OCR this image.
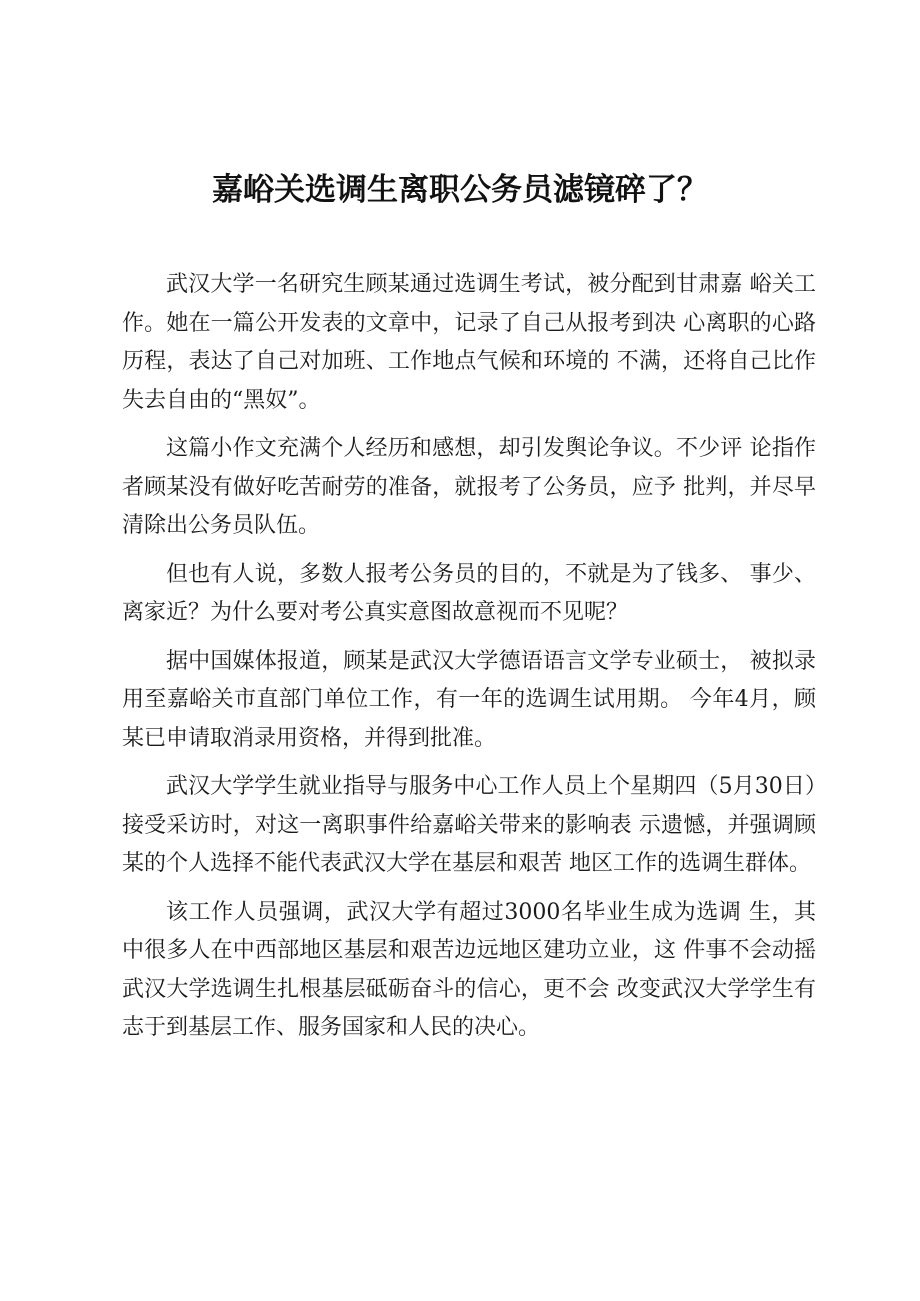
嘉峪关选调生离职公务员滤镜碎了？

武汉大学一名研究生顾某通过选调生考试，被分配到甘肃嘉 峪关工作。她在一篇公开发表的文章中，记录了自己从报考到决 心离职的心路历程，表达了自己对加班、工作地点气候和环境的 不满，还将自己比作失去自由的“黑奴”。

这篇小作文充满个人经历和感想，却引发舆论争议。不少评 论指作者顾某没有做好吃苦耐劳的准备，就报考了公务员，应予 批判，并尽早清除出公务员队伍。

但也有人说，多数人报考公务员的目的，不就是为了钱多、 事少、离家近？为什么要对考公真实意图故意视而不见呢？

据中国媒体报道，顾某是武汉大学德语语言文学专业硕士， 被拟录用至嘉峪关市直部门单位工作，有一年的选调生试用期。 今年4月，顾某已申请取消录用资格，并得到批准。

武汉大学学生就业指导与服务中心工作人员上个星期四（5月30日）接受采访时，对这一离职事件给嘉峪关带来的影响表 示遗憾，并强调顾某的个人选择不能代表武汉大学在基层和艰苦 地区工作的选调生群体。

该工作人员强调，武汉大学有超过3000名毕业生成为选调 生，其中很多人在中西部地区基层和艰苦边远地区建功立业，这 件事不会动摇武汉大学选调生扎根基层砥砺奋斗的信心，更不会 改变武汉大学学生有志于到基层工作、服务国家和人民的决心。
